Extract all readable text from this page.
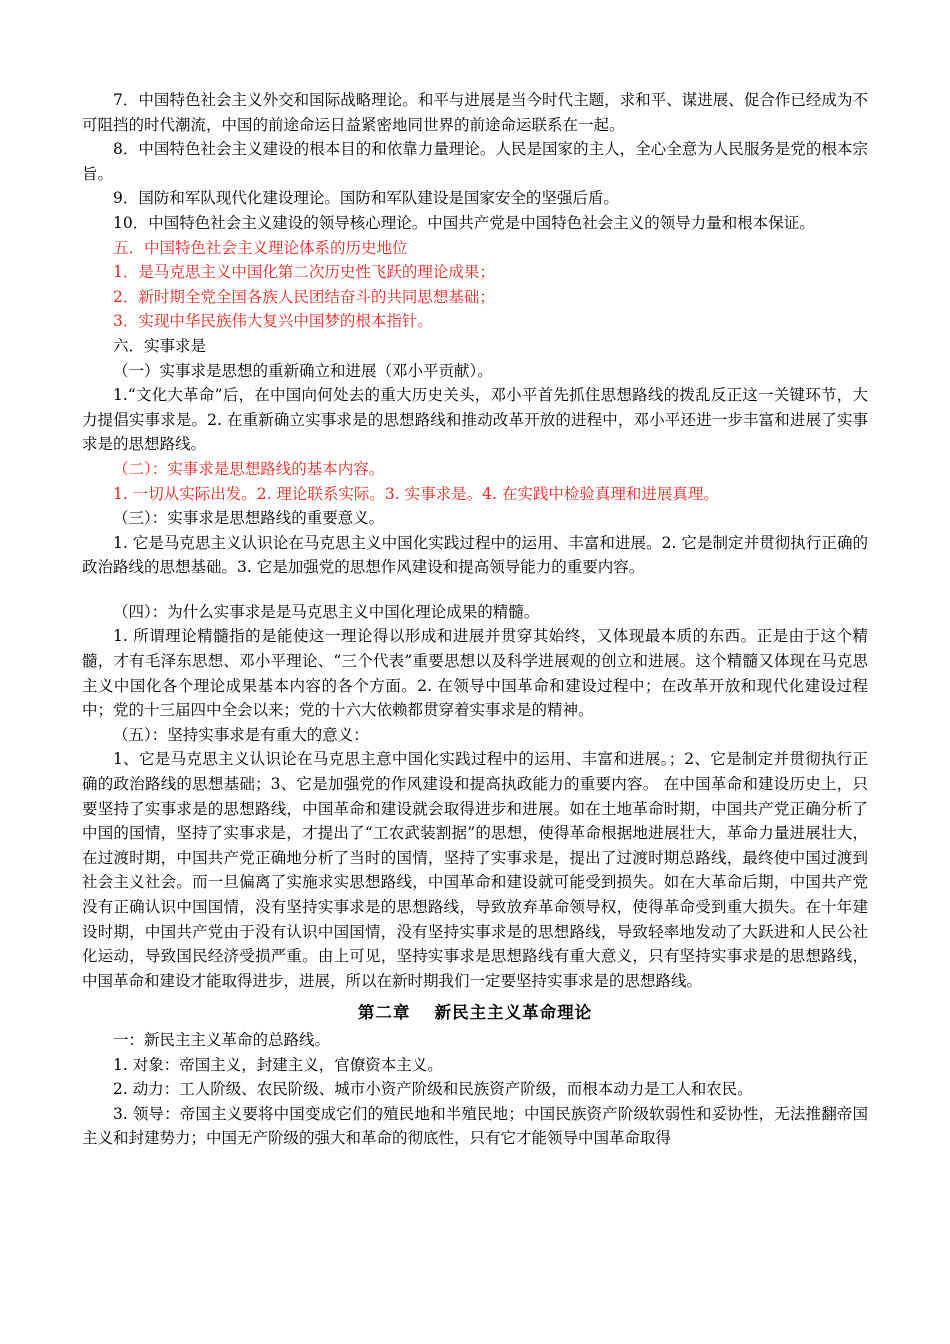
7．中国特色社会主义外交和国际战略理论。和平与进展是当今时代主题，求和平、谋进展、促合作已经成为不可阻挡的时代潮流，中国的前途命运日益紧密地同世界的前途命运联系在一起。

8．中国特色社会主义建设的根本目的和依靠力量理论。人民是国家的主人，全心全意为人民服务是党的根本宗旨。

9．国防和军队现代化建设理论。国防和军队建设是国家安全的坚强后盾。

10．中国特色社会主义建设的领导核心理论。中国共产党是中国特色社会主义的领导力量和根本保证。

五．中国特色社会主义理论体系的历史地位

1．是马克思主义中国化第二次历史性飞跃的理论成果；

2．新时期全党全国各族人民团结奋斗的共同思想基础；

3．实现中华民族伟大复兴中国梦的根本指针。

六．实事求是

（一）实事求是思想的重新确立和进展（邓小平贡献）。

1.“文化大革命”后，在中国向何处去的重大历史关头，邓小平首先抓住思想路线的拨乱反正这一关键环节，大力提倡实事求是。2. 在重新确立实事求是的思想路线和推动改革开放的进程中，邓小平还进一步丰富和进展了实事求是的思想路线。

（二）：实事求是思想路线的基本内容。

1. 一切从实际出发。2. 理论联系实际。3. 实事求是。4. 在实践中检验真理和进展真理。

（三）：实事求是思想路线的重要意义。

1. 它是马克思主义认识论在马克思主义中国化实践过程中的运用、丰富和进展。2. 它是制定并贯彻执行正确的政治路线的思想基础。3. 它是加强党的思想作风建设和提高领导能力的重要内容。

（四）：为什么实事求是是马克思主义中国化理论成果的精髓。

1. 所谓理论精髓指的是能使这一理论得以形成和进展并贯穿其始终，又体现最本质的东西。正是由于这个精髓，才有毛泽东思想、邓小平理论、“三个代表”重要思想以及科学进展观的创立和进展。这个精髓又体现在马克思主义中国化各个理论成果基本内容的各个方面。2. 在领导中国革命和建设过程中；在改革开放和现代化建设过程中；党的十三届四中全会以来；党的十六大依赖都贯穿着实事求是的精神。

（五）：坚持实事求是有重大的意义：

1、它是马克思主义认识论在马克思主意中国化实践过程中的运用、丰富和进展。；2、它是制定并贯彻执行正确的政治路线的思想基础；3、它是加强党的作风建设和提高执政能力的重要内容。 在中国革命和建设历史上，只要坚持了实事求是的思想路线，中国革命和建设就会取得进步和进展。如在土地革命时期，中国共产党正确分析了中国的国情，坚持了实事求是，才提出了“工农武装割据”的思想，使得革命根据地进展壮大，革命力量进展壮大，在过渡时期，中国共产党正确地分析了当时的国情，坚持了实事求是，提出了过渡时期总路线，最终使中国过渡到社会主义社会。而一旦偏离了实施求实思想路线，中国革命和建设就可能受到损失。如在大革命后期，中国共产党没有正确认识中国国情，没有坚持实事求是的思想路线，导致放弃革命领导权，使得革命受到重大损失。在十年建设时期，中国共产党由于没有认识中国国情，没有坚持实事求是的思想路线，导致轻率地发动了大跃进和人民公社化运动，导致国民经济受损严重。由上可见，坚持实事求是思想路线有重大意义，只有坚持实事求是的思想路线，中国革命和建设才能取得进步，进展，所以在新时期我们一定要坚持实事求是的思想路线。

第二章　 新民主主义革命理论

一：新民主主义革命的总路线。

1. 对象：帝国主义，封建主义，官僚资本主义。

2. 动力：工人阶级、农民阶级、城市小资产阶级和民族资产阶级，而根本动力是工人和农民。

3. 领导：帝国主义要将中国变成它们的殖民地和半殖民地；中国民族资产阶级软弱性和妥协性，无法推翻帝国主义和封建势力；中国无产阶级的强大和革命的彻底性，只有它才能领导中国革命取得
